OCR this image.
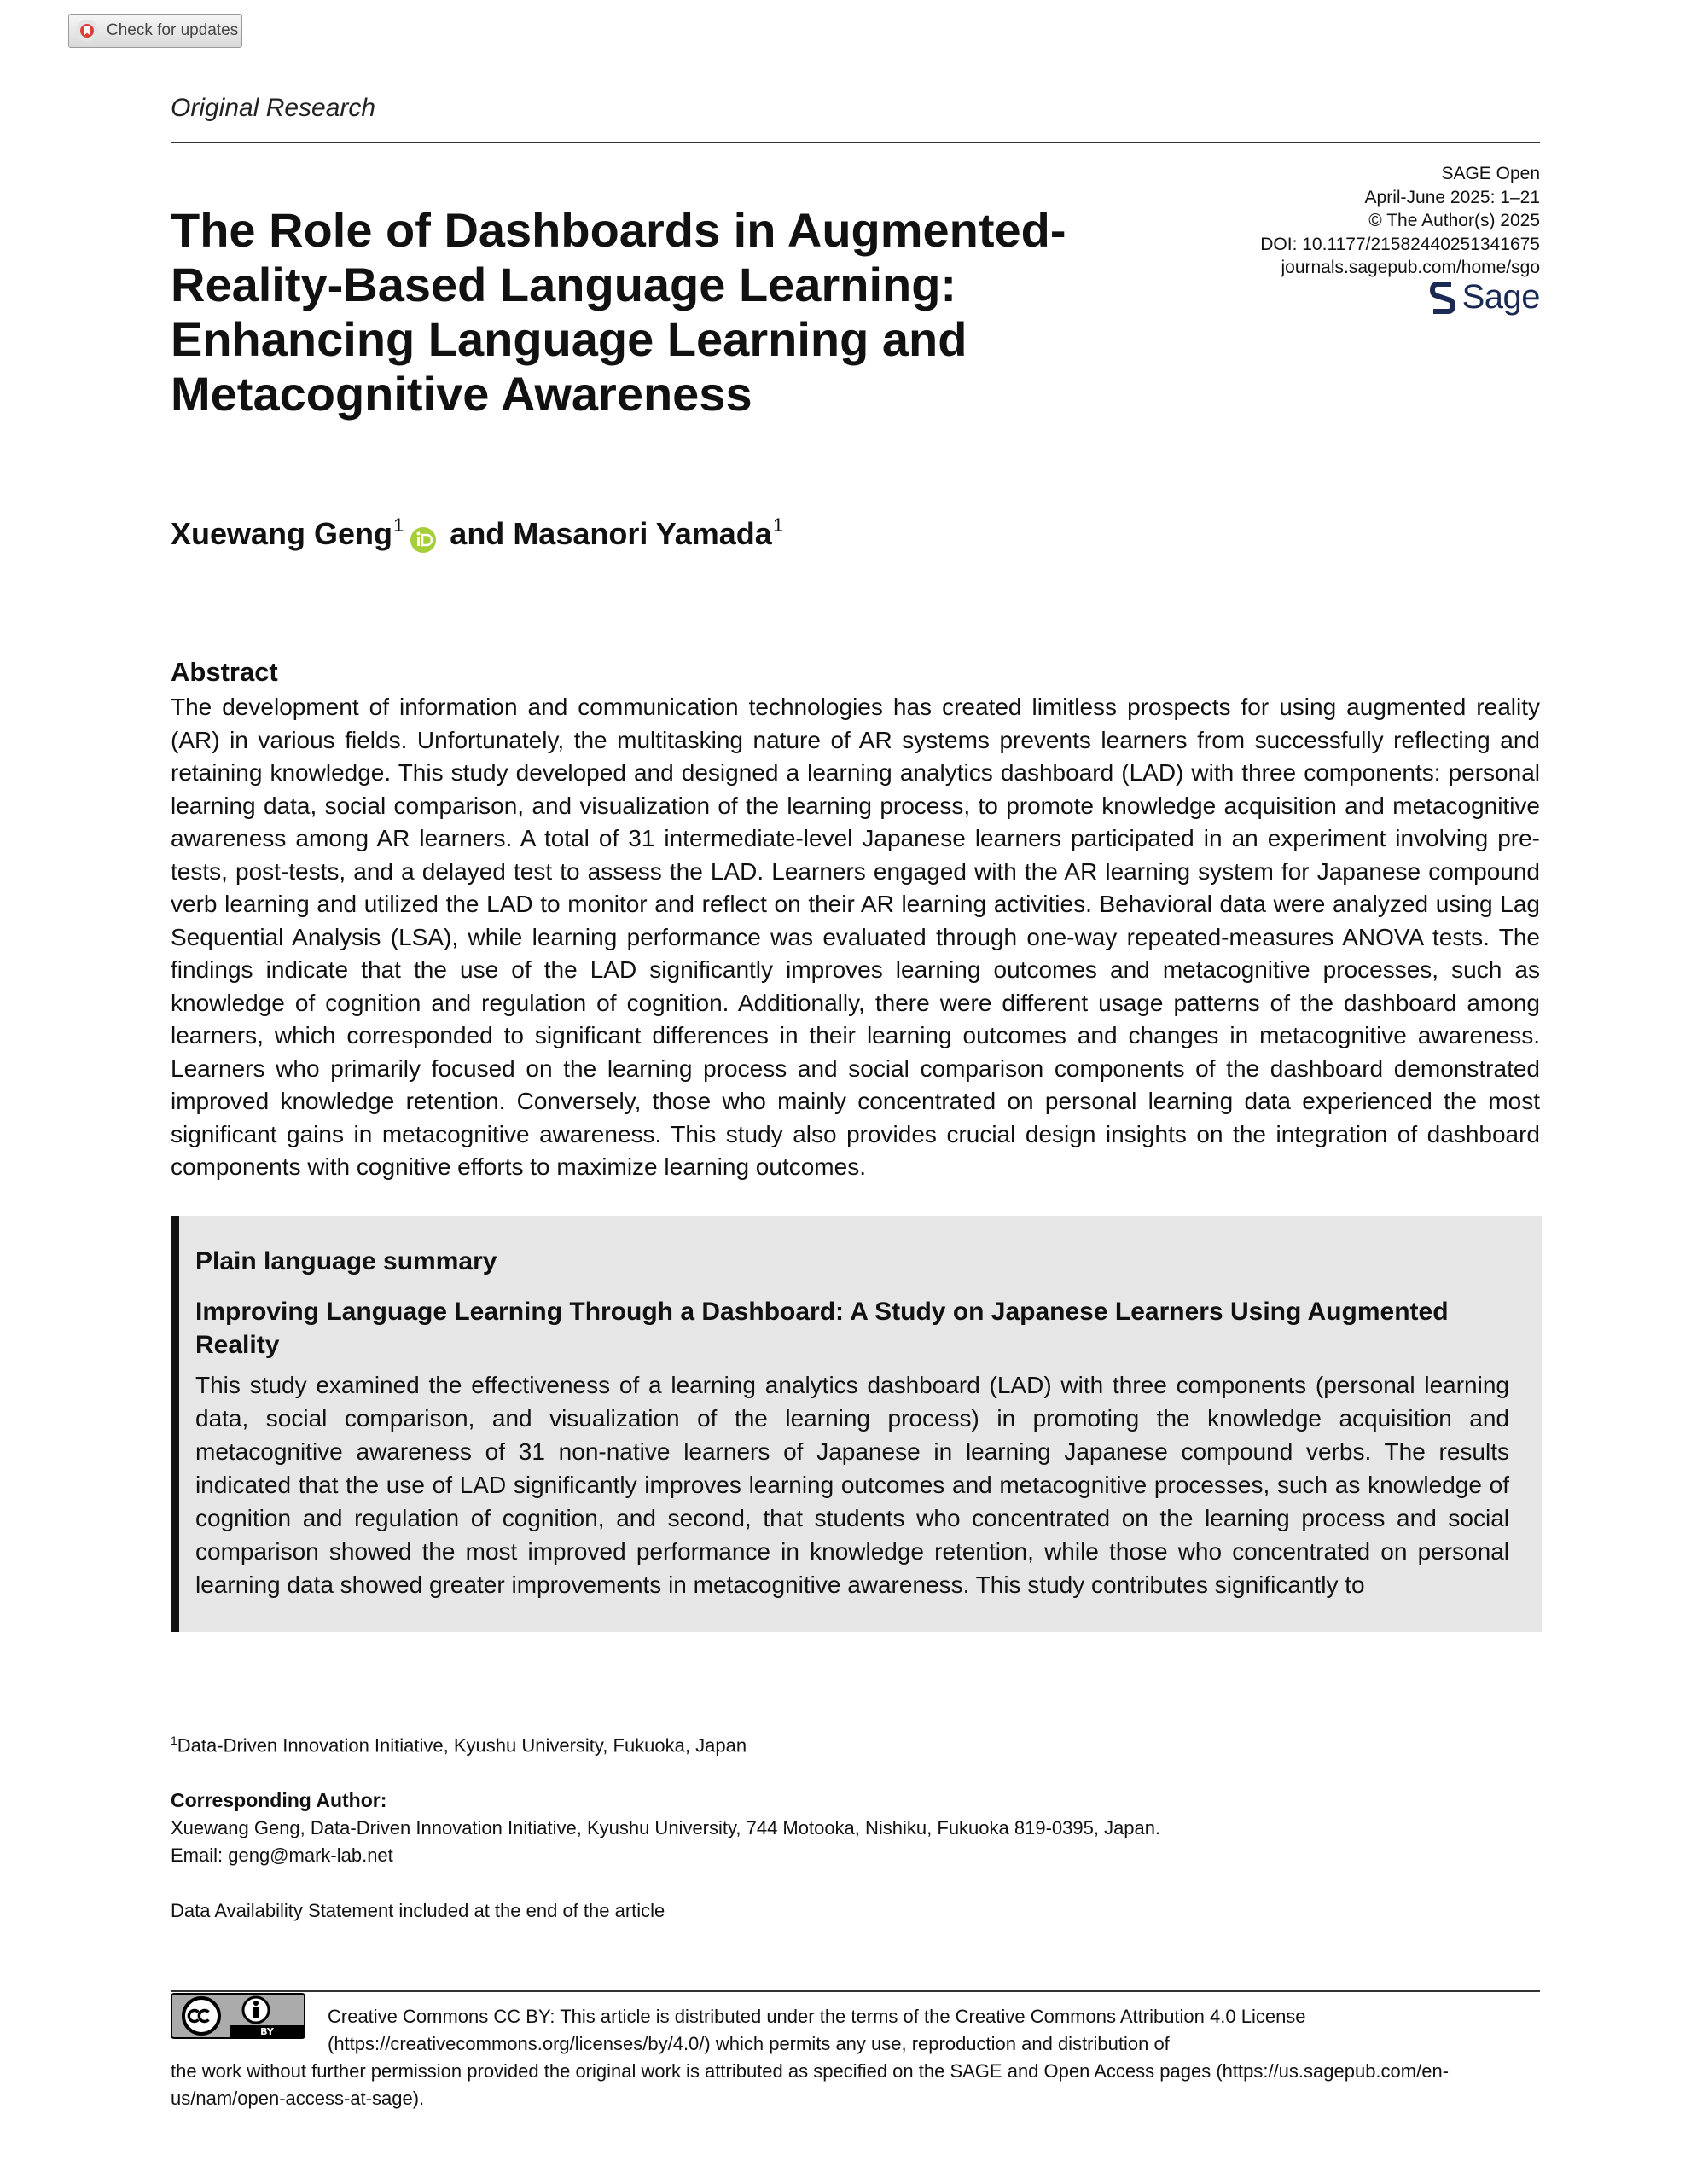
Check for updates
Original Research
SAGE Open
April-June 2025: 1–21
© The Author(s) 2025
DOI: 10.1177/21582440251341675
journals.sagepub.com/home/sgo
Sage
The Role of Dashboards in Augmented-Reality-Based Language Learning: Enhancing Language Learning and Metacognitive Awareness
Xuewang Geng$^1$ and Masanori Yamada$^1$
Abstract

The development of information and communication technologies has created limitless prospects for using augmented reality (AR) in various fields. Unfortunately, the multitasking nature of AR systems prevents learners from successfully reflecting and retaining knowledge. This study developed and designed a learning analytics dashboard (LAD) with three components: personal learning data, social comparison, and visualization of the learning process, to promote knowledge acquisition and metacognitive awareness among AR learners. A total of 31 intermediate-level Japanese learners participated in an experiment involving pre-tests, post-tests, and a delayed test to assess the LAD. Learners engaged with the AR learning system for Japanese compound verb learning and utilized the LAD to monitor and reflect on their AR learning activities. Behavioral data were analyzed using Lag Sequential Analysis (LSA), while learning performance was evaluated through one-way repeated-measures ANOVA tests. The findings indicate that the use of the LAD significantly improves learning outcomes and metacognitive processes, such as knowledge of cognition and regulation of cognition. Additionally, there were different usage patterns of the dashboard among learners, which corresponded to significant differences in their learning outcomes and changes in metacognitive awareness. Learners who primarily focused on the learning process and social comparison components of the dashboard demonstrated improved knowledge retention. Conversely, those who mainly concentrated on personal learning data experienced the most significant gains in metacognitive awareness. This study also provides crucial design insights on the integration of dashboard components with cognitive efforts to maximize learning outcomes.

Plain language summary

Improving Language Learning Through a Dashboard: A Study on Japanese Learners Using Augmented Reality

This study examined the effectiveness of a learning analytics dashboard (LAD) with three components (personal learning data, social comparison, and visualization of the learning process) in promoting the knowledge acquisition and metacognitive awareness of 31 non-native learners of Japanese in learning Japanese compound verbs. The results indicated that the use of LAD significantly improves learning outcomes and metacognitive processes, such as knowledge of cognition and regulation of cognition, and second, that students who concentrated on the learning process and social comparison showed the most improved performance in knowledge retention, while those who concentrated on personal learning data showed greater improvements in metacognitive awareness. This study contributes significantly to

$^1$Data-Driven Innovation Initiative, Kyushu University, Fukuoka, Japan
Corresponding Author:
Xuewang Geng, Data-Driven Innovation Initiative, Kyushu University, 744 Motooka, Nishiku, Fukuoka 819-0395, Japan.
Email: geng@mark-lab.net
Data Availability Statement included at the end of the article
BY
Creative Commons CC BY: This article is distributed under the terms of the Creative Commons Attribution 4.0 License
(https://creativecommons.org/licenses/by/4.0/) which permits any use, reproduction and distribution of
the work without further permission provided the original work is attributed as specified on the SAGE and Open Access pages (https://us.sagepub.com/en-us/nam/open-access-at-sage).
